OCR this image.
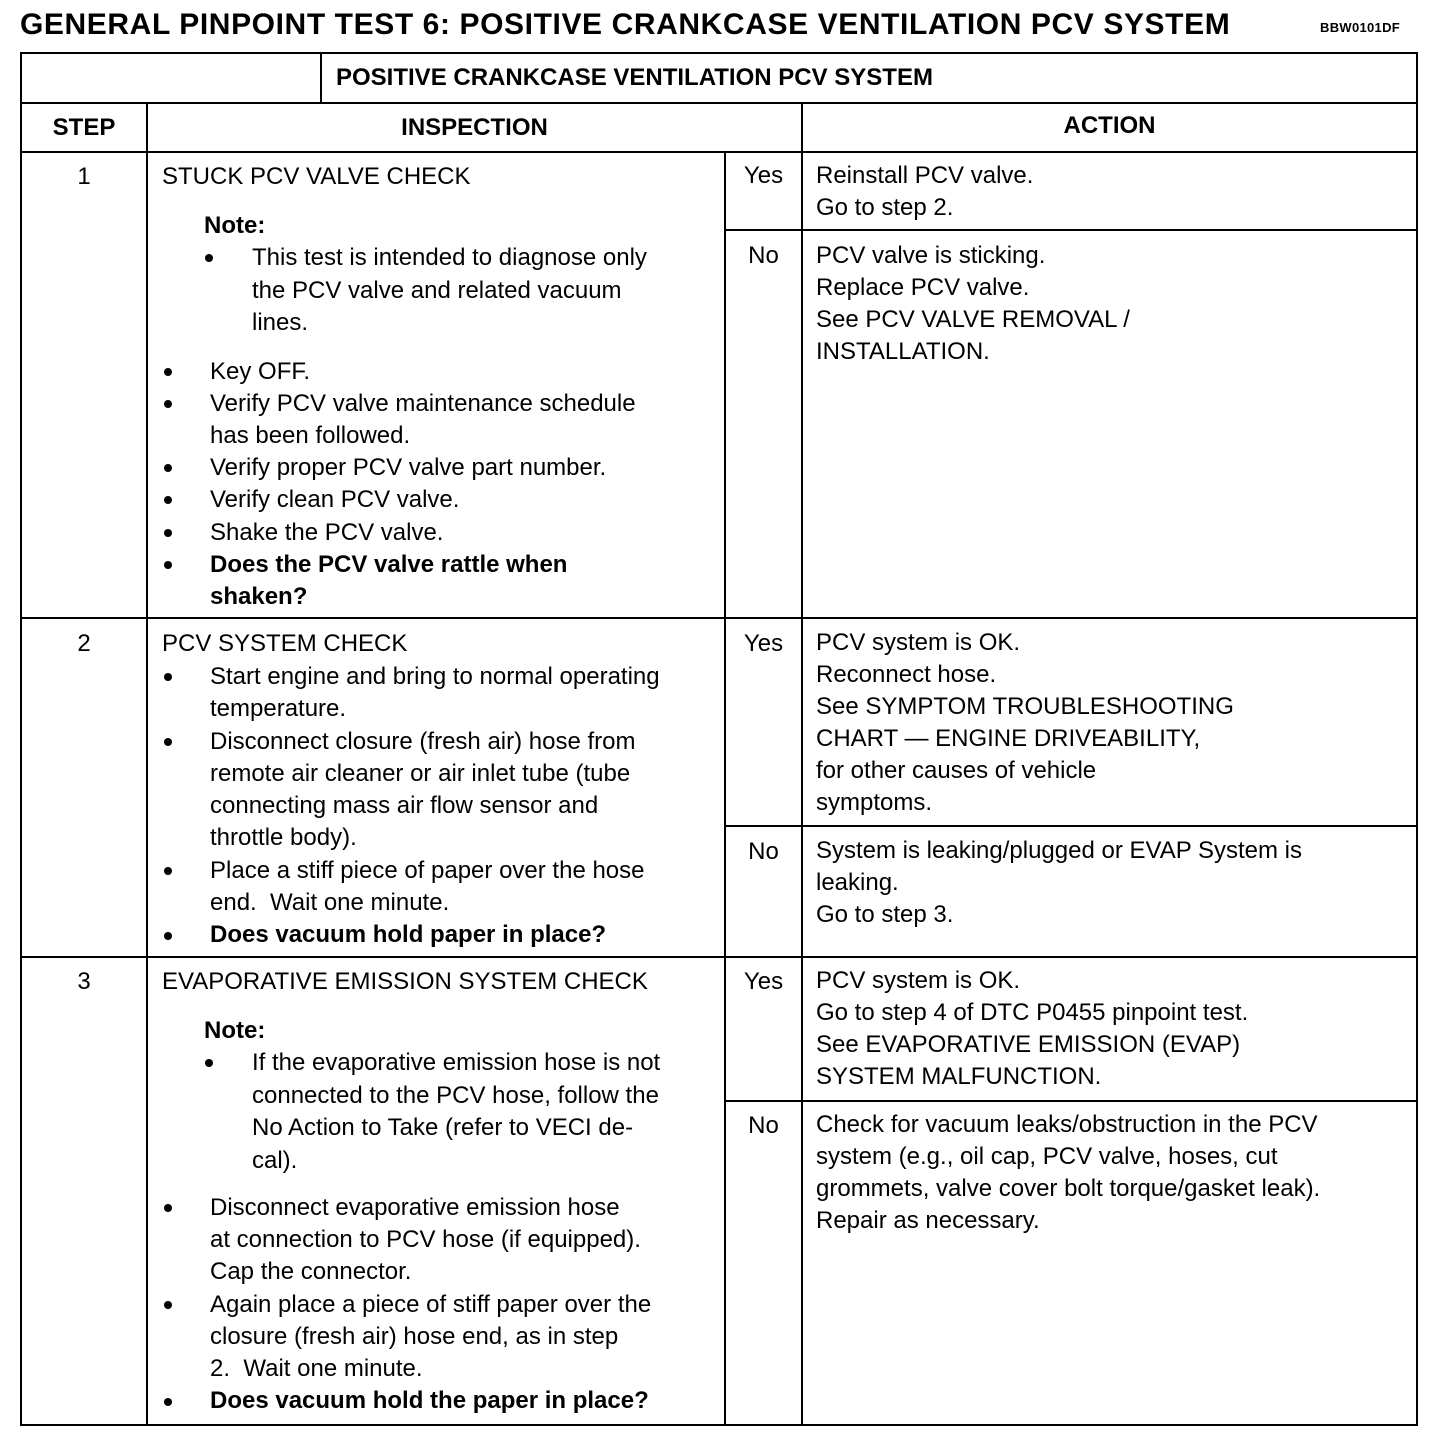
GENERAL PINPOINT TEST 6: POSITIVE CRANKCASE VENTILATION PCV SYSTEM	BBW0101DF
POSITIVE CRANKCASE VENTILATION PCV SYSTEM
STEP	INSPECTION	ACTION
1	STUCK PCV VALVE CHECK
Note:
This test is intended to diagnose only
the PCV valve and related vacuum
lines.
Key OFF.
Verify PCV valve maintenance schedule
has been followed.
Verify proper PCV valve part number.
Verify clean PCV valve.
Shake the PCV valve.
Does the PCV valve rattle when
shaken?
Yes	Reinstall PCV valve.
Go to step 2.
No	PCV valve is sticking.
Replace PCV valve.
See PCV VALVE REMOVAL /
INSTALLATION.
2	PCV SYSTEM CHECK
Start engine and bring to normal operating
temperature.
Disconnect closure (fresh air) hose from
remote air cleaner or air inlet tube (tube
connecting mass air flow sensor and
throttle body).
Place a stiff piece of paper over the hose
end.  Wait one minute.
Does vacuum hold paper in place?
Yes	PCV system is OK.
Reconnect hose.
See SYMPTOM TROUBLESHOOTING
CHART — ENGINE DRIVEABILITY,
for other causes of vehicle
symptoms.
No	System is leaking/plugged or EVAP System is
leaking.
Go to step 3.
3	EVAPORATIVE EMISSION SYSTEM CHECK
Note:
If the evaporative emission hose is not
connected to the PCV hose, follow the
No Action to Take (refer to VECI de-
cal).
Disconnect evaporative emission hose
at connection to PCV hose (if equipped).
Cap the connector.
Again place a piece of stiff paper over the
closure (fresh air) hose end, as in step
2.  Wait one minute.
Does vacuum hold the paper in place?
Yes	PCV system is OK.
Go to step 4 of DTC P0455 pinpoint test.
See EVAPORATIVE EMISSION (EVAP)
SYSTEM MALFUNCTION.
No	Check for vacuum leaks/obstruction in the PCV
system (e.g., oil cap, PCV valve, hoses, cut
grommets, valve cover bolt torque/gasket leak).
Repair as necessary.
